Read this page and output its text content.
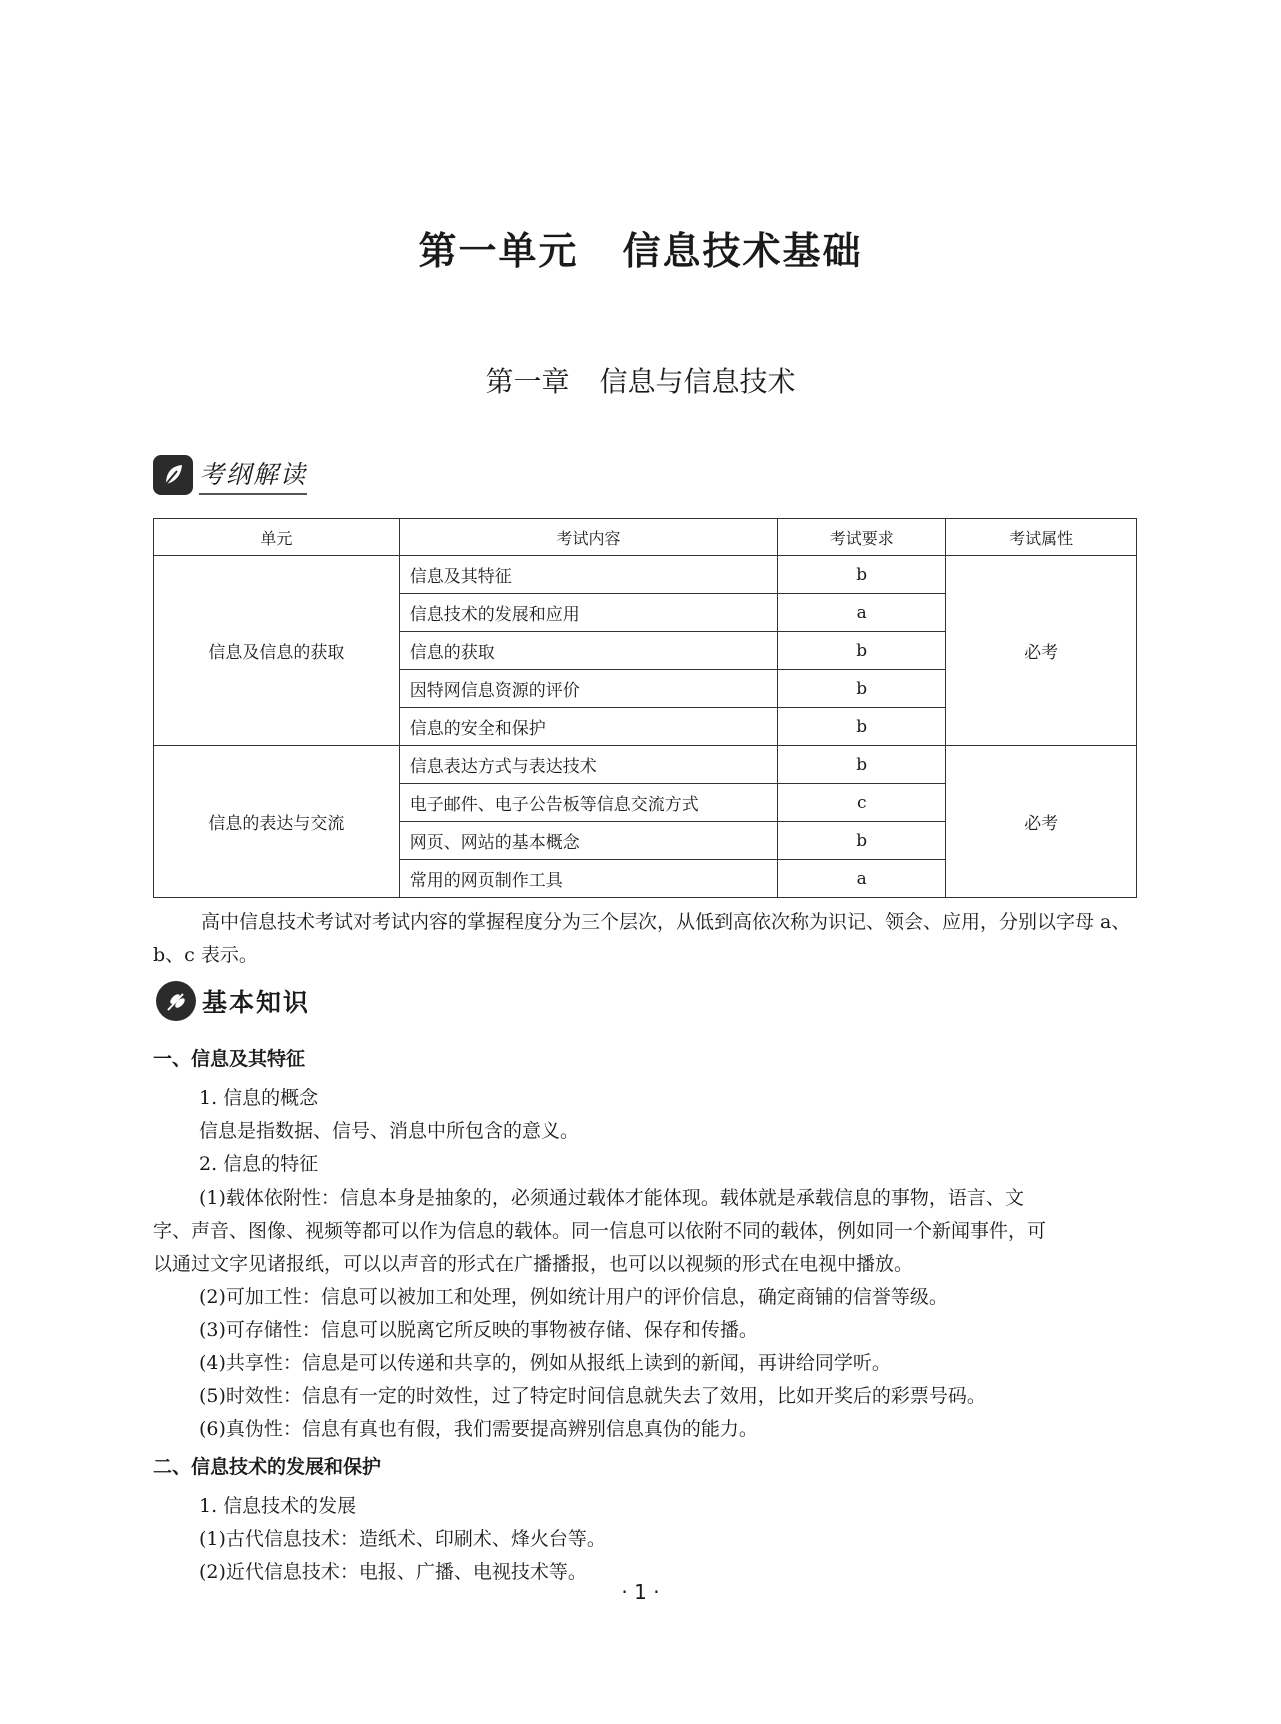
第一单元 信息技术基础
第一章 信息与信息技术
考纲解读
单元	考试内容	考试要求	考试属性
信息及信息的获取	信息及其特征	b	必考
	信息技术的发展和应用	a	
	信息的获取	b	
	因特网信息资源的评价	b	
	信息的安全和保护	b	
信息的表达与交流	信息表达方式与表达技术	b	必考
	电子邮件、电子公告板等信息交流方式	c	
	网页、网站的基本概念	b	
	常用的网页制作工具	a	
高中信息技术考试对考试内容的掌握程度分为三个层次，从低到高依次称为识记、领会、应用，分别以字母 a、b、c 表示。
基本知识
一、信息及其特征
1. 信息的概念
信息是指数据、信号、消息中所包含的意义。
2. 信息的特征
(1)载体依附性：信息本身是抽象的，必须通过载体才能体现。载体就是承载信息的事物，语言、文
字、声音、图像、视频等都可以作为信息的载体。同一信息可以依附不同的载体，例如同一个新闻事件，可
以通过文字见诸报纸，可以以声音的形式在广播播报，也可以以视频的形式在电视中播放。
(2)可加工性：信息可以被加工和处理，例如统计用户的评价信息，确定商铺的信誉等级。
(3)可存储性：信息可以脱离它所反映的事物被存储、保存和传播。
(4)共享性：信息是可以传递和共享的，例如从报纸上读到的新闻，再讲给同学听。
(5)时效性：信息有一定的时效性，过了特定时间信息就失去了效用，比如开奖后的彩票号码。
(6)真伪性：信息有真也有假，我们需要提高辨别信息真伪的能力。
二、信息技术的发展和保护
1. 信息技术的发展
(1)古代信息技术：造纸术、印刷术、烽火台等。
(2)近代信息技术：电报、广播、电视技术等。
· 1 ·
